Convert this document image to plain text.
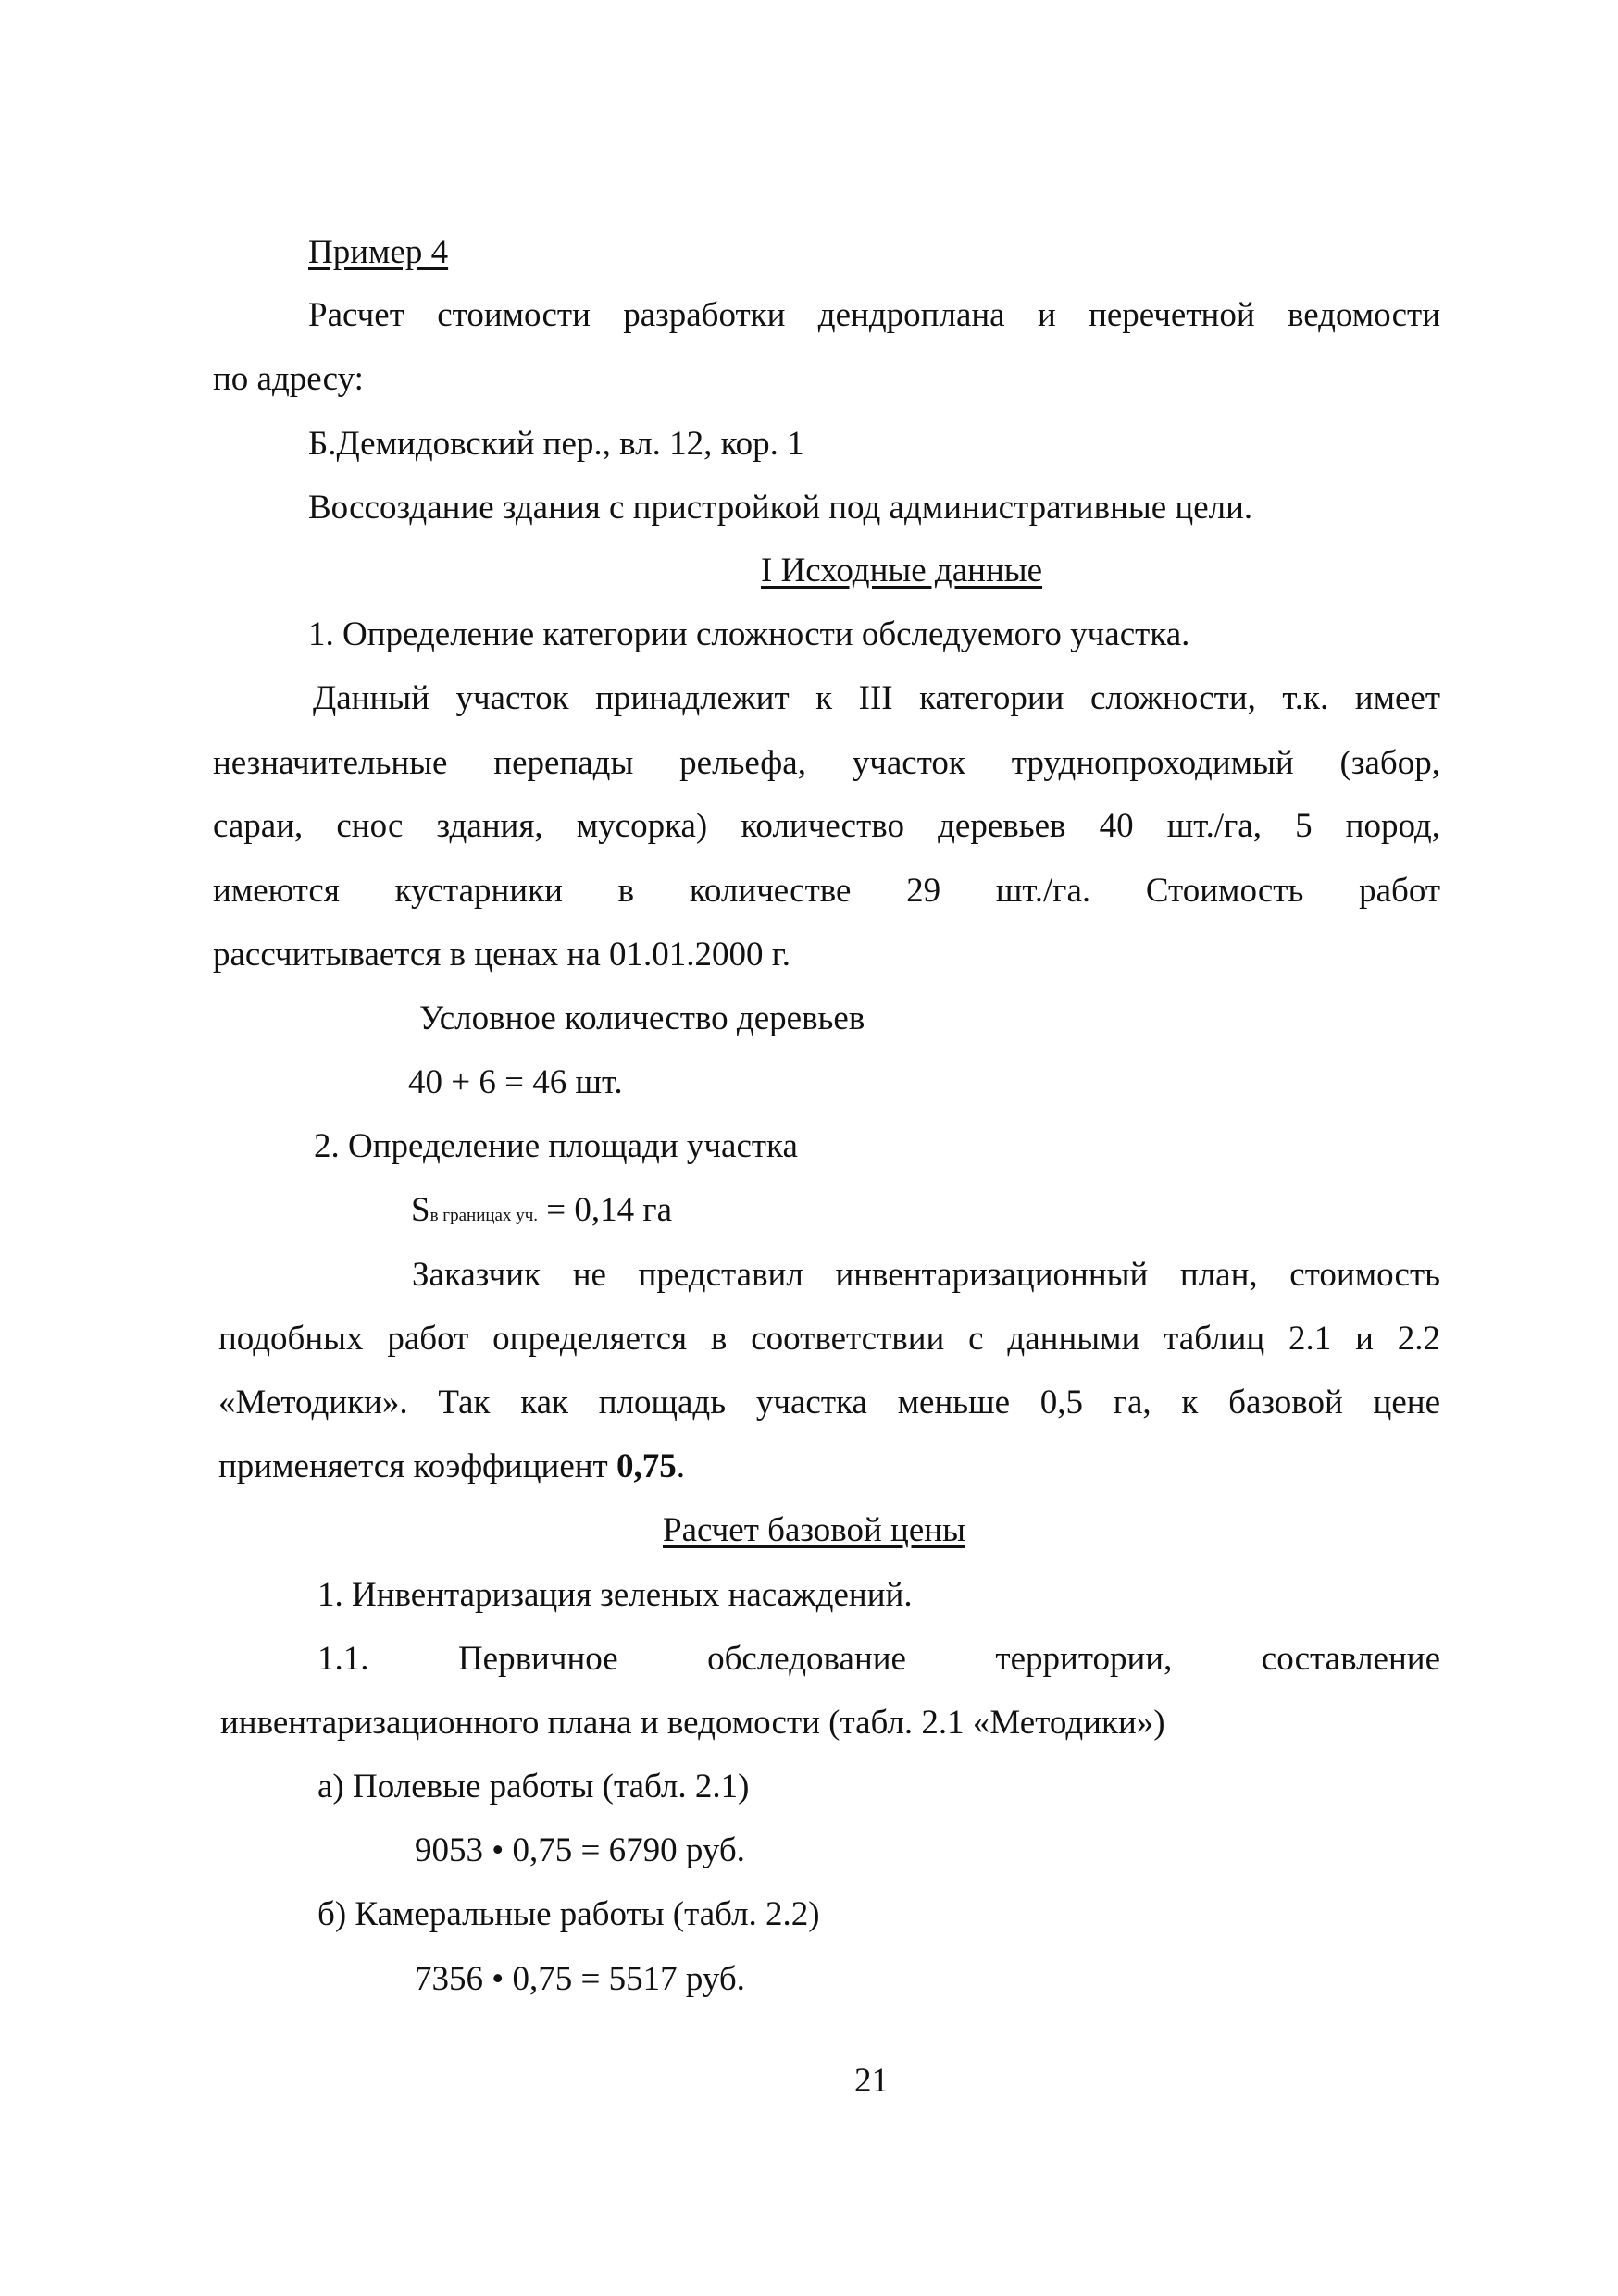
Пример 4
Расчет стоимости разработки дендроплана и перечетной ведомости
по адресу:
Б.Демидовский пер., вл. 12, кор. 1
Воссоздание здания с пристройкой под административные цели.
I Исходные данные
1. Определение категории сложности обследуемого участка.
Данный участок принадлежит к III категории сложности, т.к. имеет
незначительные перепады рельефа, участок труднопроходимый (забор,
сараи, снос здания, мусорка) количество деревьев 40 шт./га, 5 пород,
имеются кустарники в количестве 29 шт./га. Стоимость работ
рассчитывается в ценах на 01.01.2000 г.
Условное количество деревьев
40 + 6 = 46 шт.
2. Определение площади участка
Sв границах уч. = 0,14 га
Заказчик не представил инвентаризационный план, стоимость
подобных работ определяется в соответствии с данными таблиц 2.1 и 2.2
«Методики». Так как площадь участка меньше 0,5 га, к базовой цене
применяется коэффициент 0,75.
Расчет базовой цены
1. Инвентаризация зеленых насаждений.
1.1. Первичное обследование территории, составление
инвентаризационного плана и ведомости (табл. 2.1 «Методики»)
а) Полевые работы (табл. 2.1)
9053 • 0,75 = 6790 руб.
б) Камеральные работы (табл. 2.2)
7356 • 0,75 = 5517 руб.
21
